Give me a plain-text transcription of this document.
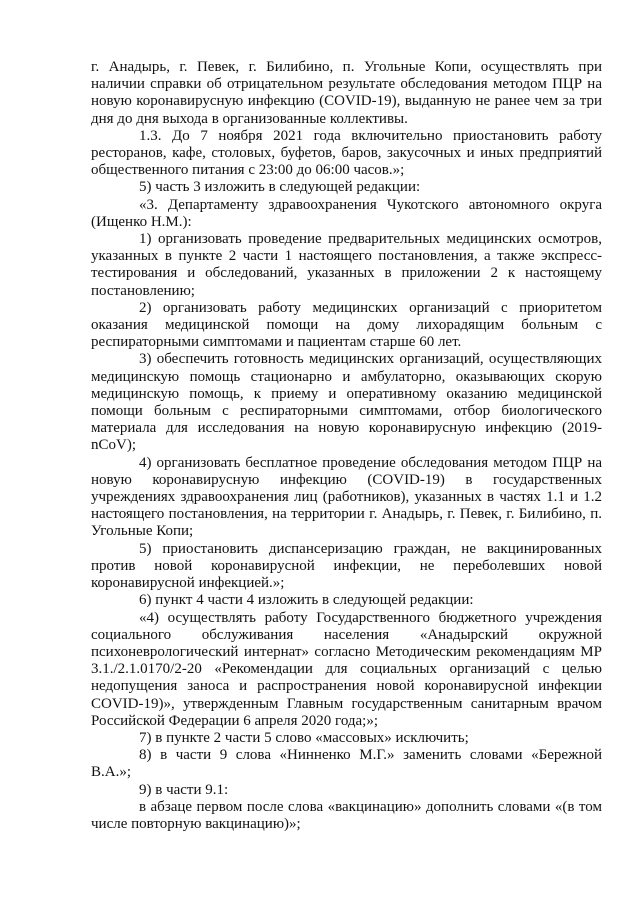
г. Анадырь, г. Певек, г. Билибино, п. Угольные Копи, осуществлять при наличии справки об отрицательном результате обследования методом ПЦР на новую коронавирусную инфекцию (COVID-19), выданную не ранее чем за три дня до дня выхода в организованные коллективы.

1.3. До 7 ноября 2021 года включительно приостановить работу ресторанов, кафе, столовых, буфетов, баров, закусочных и иных предприятий общественного питания с 23:00 до 06:00 часов.»;

5) часть 3 изложить в следующей редакции:

«3. Департаменту здравоохранения Чукотского автономного округа (Ищенко Н.М.):

1) организовать проведение предварительных медицинских осмотров, указанных в пункте 2 части 1 настоящего постановления, а также экспресс-тестирования и обследований, указанных в приложении 2 к настоящему постановлению;

2) организовать работу медицинских организаций с приоритетом оказания медицинской помощи на дому лихорадящим больным с респираторными симптомами и пациентам старше 60 лет.

3) обеспечить готовность медицинских организаций, осуществляющих медицинскую помощь стационарно и амбулаторно, оказывающих скорую медицинскую помощь, к приему и оперативному оказанию медицинской помощи больным с респираторными симптомами, отбор биологического материала для исследования на новую коронавирусную инфекцию (2019-nCoV);

4) организовать бесплатное проведение обследования методом ПЦР на новую коронавирусную инфекцию (COVID-19) в государственных учреждениях здравоохранения лиц (работников), указанных в частях 1.1 и 1.2 настоящего постановления, на территории г. Анадырь, г. Певек, г. Билибино, п. Угольные Копи;

5) приостановить диспансеризацию граждан, не вакцинированных против новой коронавирусной инфекции, не переболевших новой коронавирусной инфекцией.»;

6) пункт 4 части 4 изложить в следующей редакции:

«4) осуществлять работу Государственного бюджетного учреждения социального обслуживания населения «Анадырский окружной психоневрологический интернат» согласно Методическим рекомендациям МР 3.1./2.1.0170/2-20 «Рекомендации для социальных организаций с целью недопущения заноса и распространения новой коронавирусной инфекции COVID-19)», утвержденным Главным государственным санитарным врачом Российской Федерации 6 апреля 2020 года;»;

7) в пункте 2 части 5 слово «массовых» исключить;

8) в части 9 слова «Нинненко М.Г.» заменить словами «Бережной В.А.»;

9) в части 9.1:

в абзаце первом после слова «вакцинацию» дополнить словами «(в том числе повторную вакцинацию)»;
